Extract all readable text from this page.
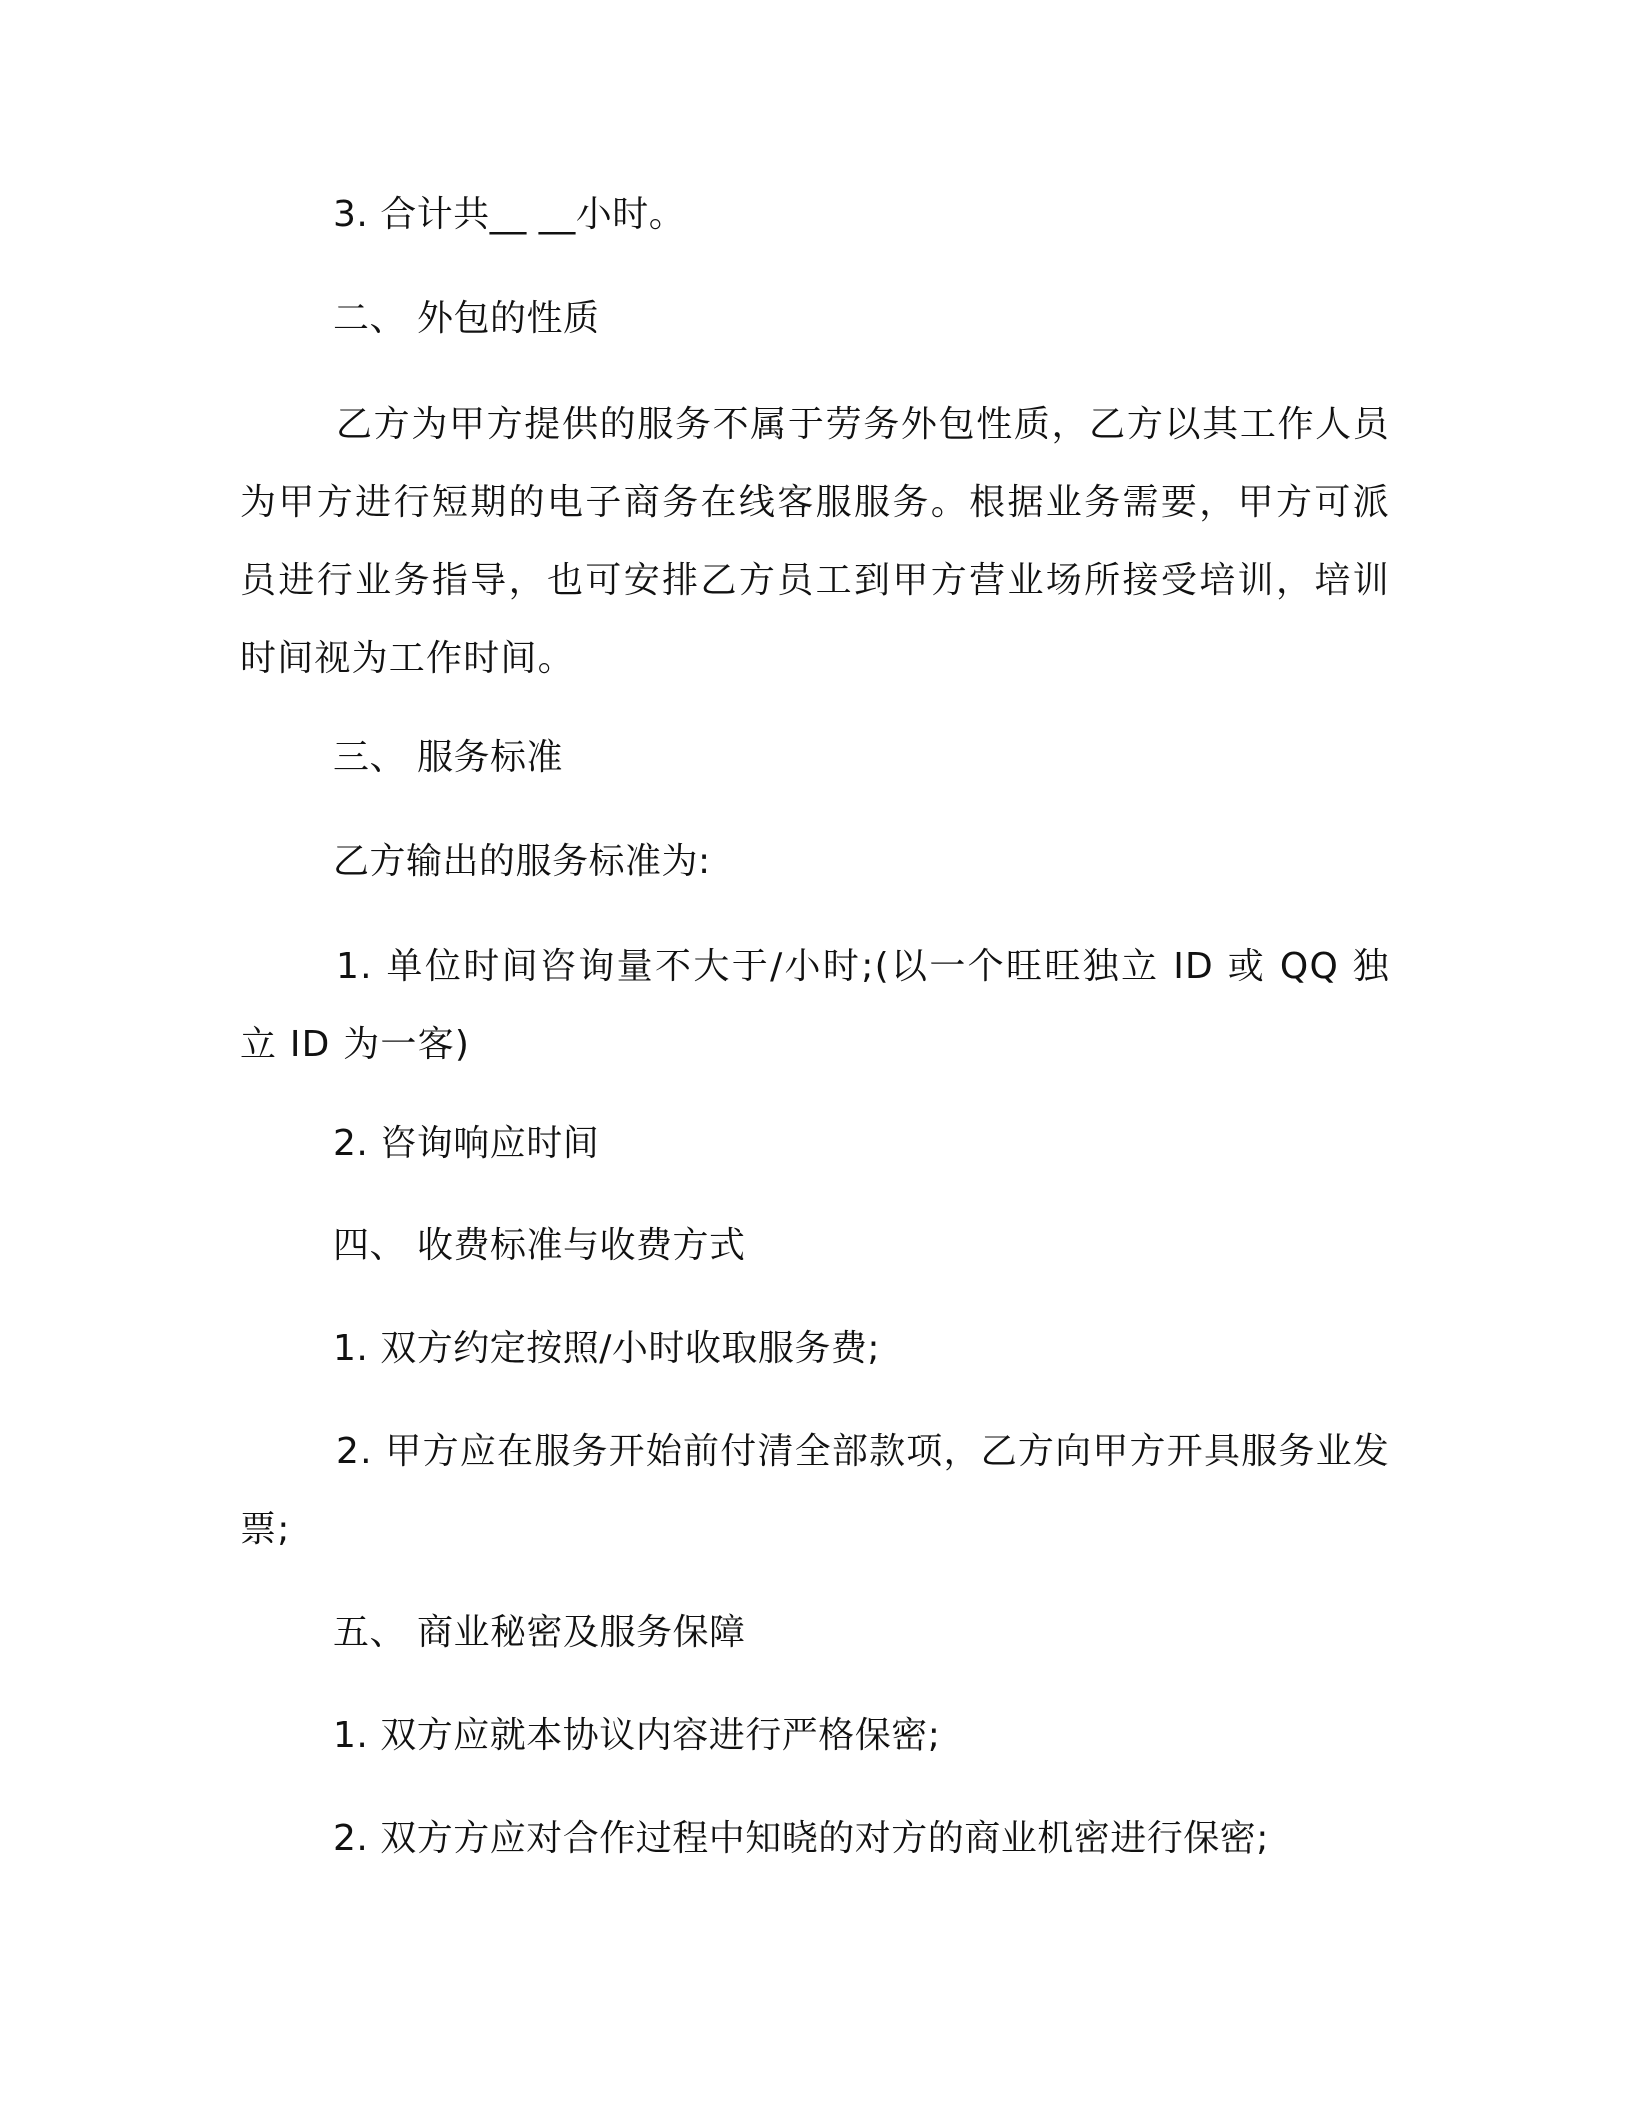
3. 合计共__ __小时。
二、 外包的性质
乙方为甲方提供的服务不属于劳务外包性质，乙方以其工作人员为甲方进行短期的电子商务在线客服服务。根据业务需要，甲方可派员进行业务指导，也可安排乙方员工到甲方营业场所接受培训，培训时间视为工作时间。
三、 服务标准
乙方输出的服务标准为:
1. 单位时间咨询量不大于/小时;(以一个旺旺独立 ID 或 QQ 独立 ID 为一客)
2. 咨询响应时间
四、 收费标准与收费方式
1. 双方约定按照/小时收取服务费;
2. 甲方应在服务开始前付清全部款项，乙方向甲方开具服务业发票;
五、 商业秘密及服务保障
1. 双方应就本协议内容进行严格保密;
2. 双方方应对合作过程中知晓的对方的商业机密进行保密;
